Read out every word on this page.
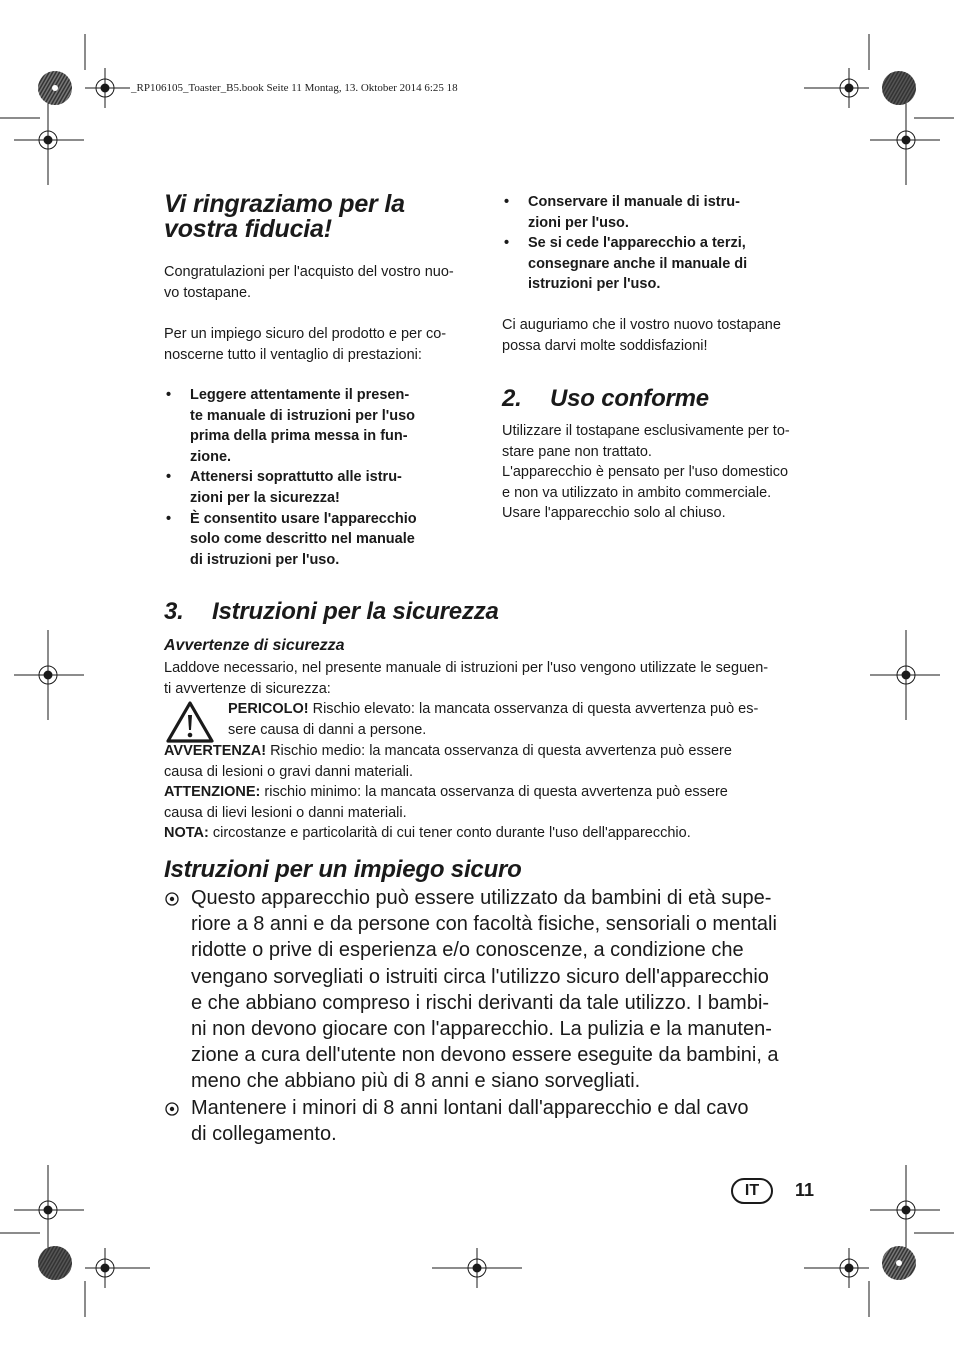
_RP106105_Toaster_B5.book Seite 11 Montag, 13. Oktober 2014 6:25 18
Vi ringraziamo per la
vostra fiducia!

Congratulazioni per l'acquisto del vostro nuo-
vo tostapane.

Per un impiego sicuro del prodotto e per co-
noscerne tutto il ventaglio di prestazioni:

• Leggere attentamente il presen-
te manuale di istruzioni per l'uso
prima della prima messa in fun-
zione.
• Attenersi soprattutto alle istru-
zioni per la sicurezza!
• È consentito usare l'apparecchio
solo come descritto nel manuale
di istruzioni per l'uso.
• Conservare il manuale di istru-
zioni per l'uso.
• Se si cede l'apparecchio a terzi,
consegnare anche il manuale di
istruzioni per l'uso.

Ci auguriamo che il vostro nuovo tostapane
possa darvi molte soddisfazioni!

2. Uso conforme

Utilizzare il tostapane esclusivamente per to-
stare pane non trattato.
L'apparecchio è pensato per l'uso domestico
e non va utilizzato in ambito commerciale.
Usare l'apparecchio solo al chiuso.

3. Istruzioni per la sicurezza
Avvertenze di sicurezza

Laddove necessario, nel presente manuale di istruzioni per l'uso vengono utilizzate le seguen-
ti avvertenze di sicurezza:

PERICOLO! Rischio elevato: la mancata osservanza di questa avvertenza può es-
sere causa di danni a persone.

AVVERTENZA! Rischio medio: la mancata osservanza di questa avvertenza può essere
causa di lesioni o gravi danni materiali.

ATTENZIONE: rischio minimo: la mancata osservanza di questa avvertenza può essere
causa di lievi lesioni o danni materiali.

NOTA: circostanze e particolarità di cui tener conto durante l'uso dell'apparecchio.

Istruzioni per un impiego sicuro
Questo apparecchio può essere utilizzato da bambini di età supe-
riore a 8 anni e da persone con facoltà fisiche, sensoriali o mentali
ridotte o prive di esperienza e/o conoscenze, a condizione che
vengano sorvegliati o istruiti circa l'utilizzo sicuro dell'apparecchio
e che abbiano compreso i rischi derivanti da tale utilizzo. I bambi-
ni non devono giocare con l'apparecchio. La pulizia e la manuten-
zione a cura dell'utente non devono essere eseguite da bambini, a
meno che abbiano più di 8 anni e siano sorvegliati.
Mantenere i minori di 8 anni lontani dall'apparecchio e dal cavo
di collegamento.
IT	11
